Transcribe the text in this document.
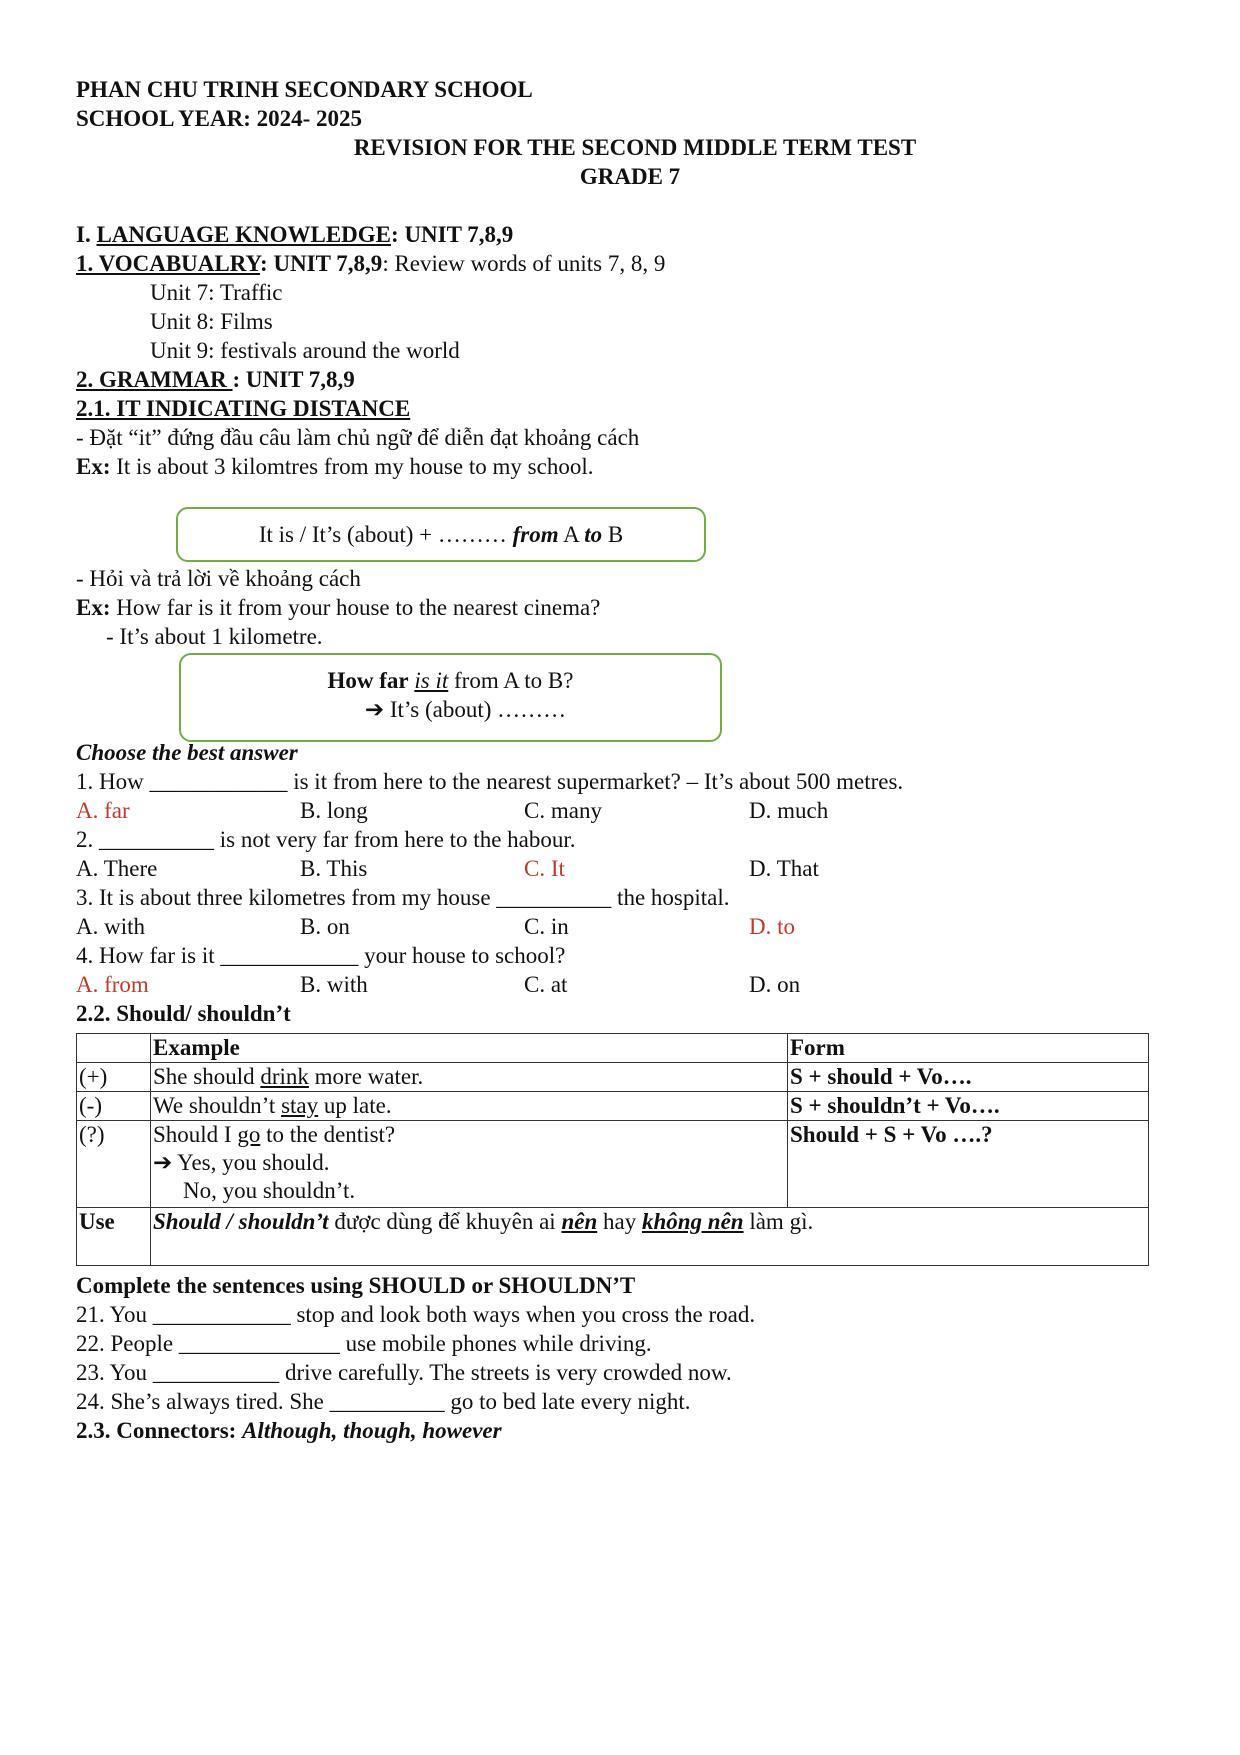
PHAN CHU TRINH SECONDARY SCHOOL
SCHOOL YEAR: 2024- 2025
REVISION FOR THE SECOND MIDDLE TERM TEST
GRADE 7
I. LANGUAGE KNOWLEDGE: UNIT 7,8,9
1. VOCABUALRY: UNIT 7,8,9: Review words of units 7, 8, 9
Unit 7: Traffic
Unit 8: Films
Unit 9: festivals around the world
2. GRAMMAR : UNIT 7,8,9
2.1. IT INDICATING DISTANCE
- Đặt “it” đứng đầu câu làm chủ ngữ để diễn đạt khoảng cách
Ex: It is about 3 kilomtres from my house to my school.
It is / It’s (about) + ……… from A to B
- Hỏi và trả lời về khoảng cách
Ex: How far is it from your house to the nearest cinema?
- It’s about 1 kilometre.
How far is it from A to B?
➔ It’s (about) ………
Choose the best answer
1. How ____________ is it from here to the nearest supermarket? – It’s about 500 metres.
A. far	B. long	C. many	D. much
2. __________ is not very far from here to the habour.
A. There	B. This	C. It	D. That
3. It is about three kilometres from my house __________ the hospital.
A. with	B. on	C. in	D. to
4. How far is it ____________ your house to school?
A. from	B. with	C. at	D. on
2.2. Should/ shouldn’t
	Example	Form
(+)	She should drink more water.	S + should + Vo….
(-)	We shouldn’t stay up late.	S + shouldn’t + Vo….
(?)	Should I go to the dentist?
➔ Yes, you should.
No, you shouldn’t.	Should + S + Vo ….?
Use	Should / shouldn’t được dùng để khuyên ai nên hay không nên làm gì.	
Complete the sentences using SHOULD or SHOULDN’T
21. You ____________ stop and look both ways when you cross the road.
22. People ______________ use mobile phones while driving.
23. You ___________ drive carefully. The streets is very crowded now.
24. She’s always tired. She __________ go to bed late every night.
2.3. Connectors: Although, though, however
